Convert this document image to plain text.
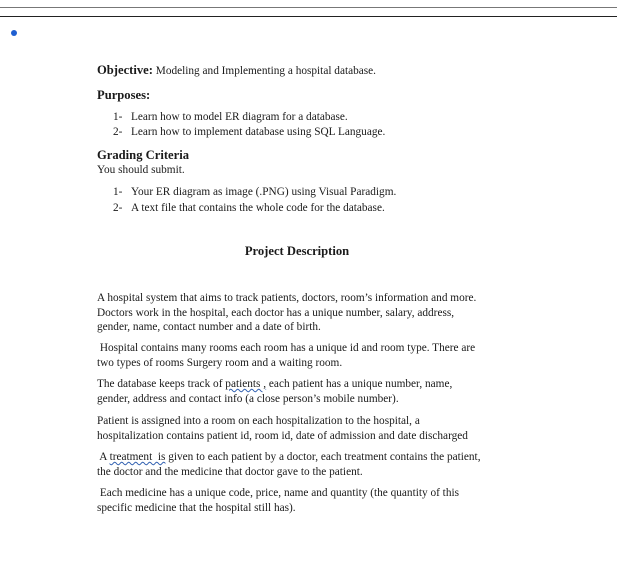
Objective: Modeling and Implementing a hospital database.
Purposes:
1- Learn how to model ER diagram for a database.
2- Learn how to implement database using SQL Language.
Grading Criteria
You should submit.
1- Your ER diagram as image (.PNG) using Visual Paradigm.
2- A text file that contains the whole code for the database.
Project Description
A hospital system that aims to track patients, doctors, room’s information and more.
Doctors work in the hospital, each doctor has a unique number, salary, address,
gender, name, contact number and a date of birth.
Hospital contains many rooms each room has a unique id and room type. There are
two types of rooms Surgery room and a waiting room.
The database keeps track of patients , each patient has a unique number, name,
gender, address and contact info (a close person’s mobile number).
Patient is assigned into a room on each hospitalization to the hospital, a
hospitalization contains patient id, room id, date of admission and date discharged
A treatment  is given to each patient by a doctor, each treatment contains the patient,
the doctor and the medicine that doctor gave to the patient.
Each medicine has a unique code, price, name and quantity (the quantity of this
specific medicine that the hospital still has).
